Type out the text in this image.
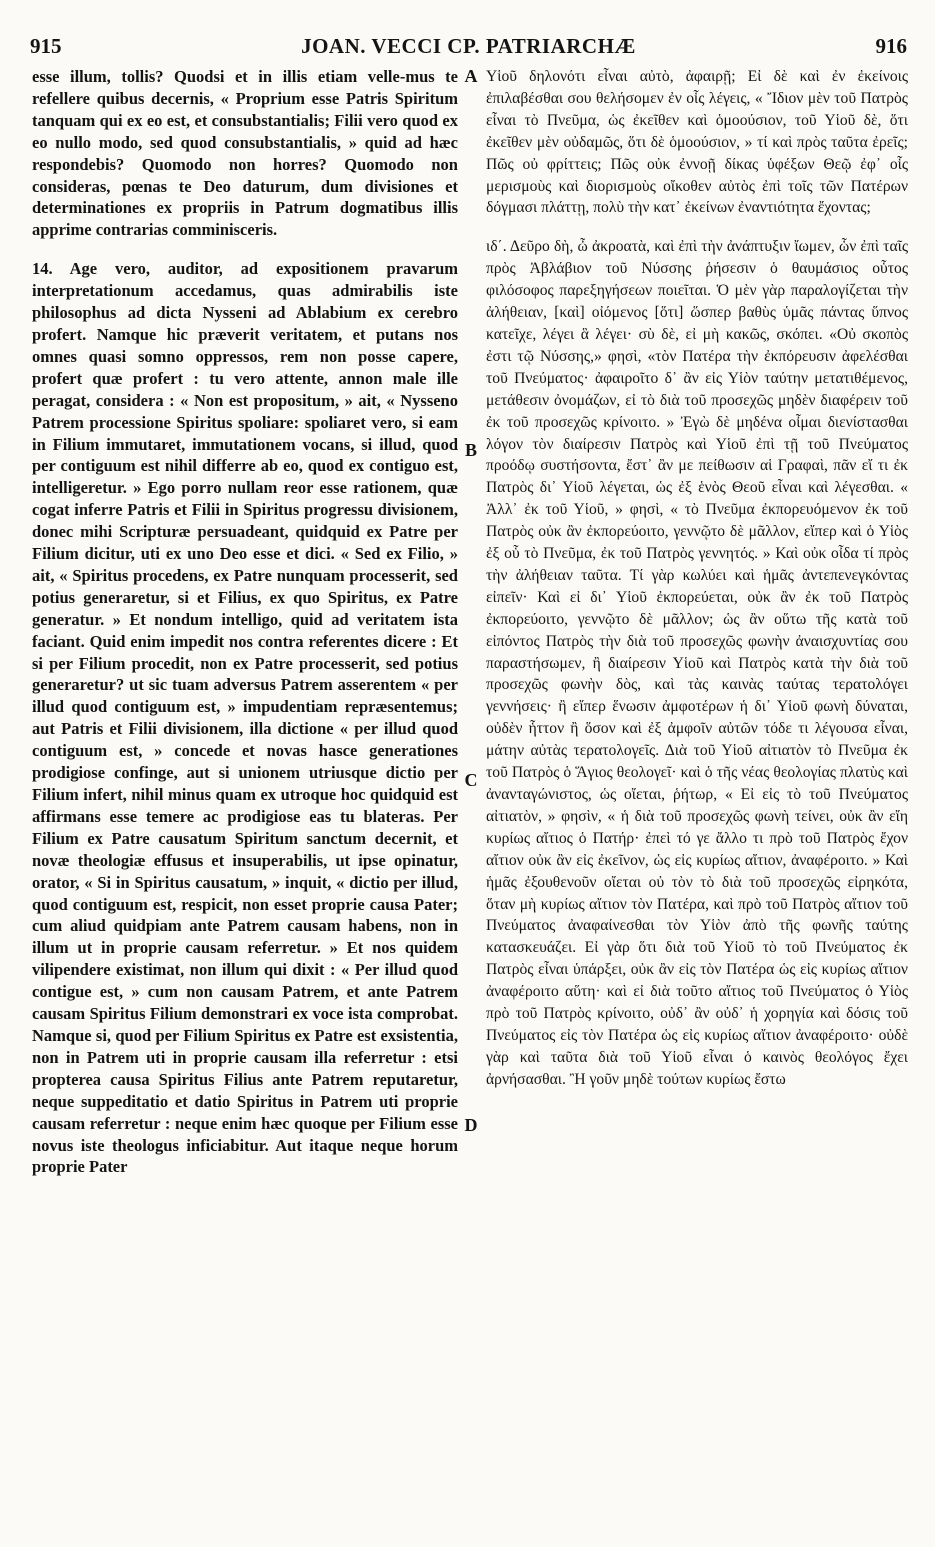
915	JOAN. VECCI CP. PATRIARCHÆ	916

esse illum, tollis? Quodsi et in illis etiam velle-mus te refellere quibus decernis, « Proprium esse Patris Spiritum tanquam qui ex eo est, et consubstantialis; Filii vero quod ex eo nullo modo, sed quod consubstantialis, » quid ad hæc respondebis? Quomodo non horres? Quomodo non consideras, pœnas te Deo daturum, dum divisiones et determinationes ex propriis in Patrum dogmatibus illis apprime contrarias comminisceris.

14. Age vero, auditor, ad expositionem pravarum interpretationum accedamus, quas admirabilis iste philosophus ad dicta Nysseni ad Ablabium ex cerebro profert. Namque hic præverit veritatem, et putans nos omnes quasi somno oppressos, rem non posse capere, profert quæ profert : tu vero attente, annon male ille peragat, considera : « Non est propositum, » ait, « Nysseno Patrem processione Spiritus spoliare: spoliaret vero, si eam in Filium immutaret, immutationem vocans, si illud, quod per contiguum est nihil differre ab eo, quod ex contiguo est, intelligeretur. » Ego porro nullam reor esse rationem, quæ cogat inferre Patris et Filii in Spiritus progressu divisionem, donec mihi Scripturæ persuadeant, quidquid ex Patre per Filium dicitur, uti ex uno Deo esse et dici. « Sed ex Filio, » ait, « Spiritus procedens, ex Patre nunquam processerit, sed potius generaretur, si et Filius, ex quo Spiritus, ex Patre generatur. » Et nondum intelligo, quid ad veritatem ista faciant. Quid enim impedit nos contra referentes dicere : Et si per Filium procedit, non ex Patre processerit, sed potius generaretur? ut sic tuam adversus Patrem asserentem « per illud quod contiguum est, » impudentiam repræsentemus; aut Patris et Filii divisionem, illa dictione « per illud quod contiguum est, » concede et novas hasce generationes prodigiose confinge, aut si unionem utriusque dictio per Filium infert, nihil minus quam ex utroque hoc quidquid est affirmans esse temere ac prodigiose eas tu blateras. Per Filium ex Patre causatum Spiritum sanctum decernit, et novæ theologiæ effusus et insuperabilis, ut ipse opinatur, orator, « Si in Spiritus causatum, » inquit, « dictio per illud, quod contiguum est, respicit, non esset proprie causa Pater; cum aliud quidpiam ante Patrem causam habens, non in illum ut in proprie causam referretur. » Et nos quidem vilipendere existimat, non illum qui dixit : « Per illud quod contigue est, » cum non causam Patrem, et ante Patrem causam Spiritus Filium demonstrari ex voce ista comprobat. Namque si, quod per Filium Spiritus ex Patre est exsistentia, non in Patrem uti in proprie causam illa referretur : etsi propterea causa Spiritus Filius ante Patrem reputaretur, neque suppeditatio et datio Spiritus in Patrem uti proprie causam referretur : neque enim hæc quoque per Filium esse novus iste theologus inficiabitur. Aut itaque neque horum proprie Pater

A
B
C
D

Υἱοῦ δηλονότι εἶναι αὐτὸ, ἀφαιρῇ; Εἰ δὲ καὶ ἐν ἐκείνοις ἐπιλαβέσθαι σου θελήσομεν ἐν οἷς λέγεις, « Ἴδιον μὲν τοῦ Πατρὸς εἶναι τὸ Πνεῦμα, ὡς ἐκεῖθεν καὶ ὁμοούσιον, τοῦ Υἱοῦ δὲ, ὅτι ἐκεῖθεν μὲν οὐδαμῶς, ὅτι δὲ ὁμοούσιον, » τί καὶ πρὸς ταῦτα ἐρεῖς; Πῶς οὐ φρίττεις; Πῶς οὐκ ἐννοῇ δίκας ὑφέξων Θεῷ ἐφ᾽ οἷς μερισμοὺς καὶ διορισμοὺς οἴκοθεν αὐτὸς ἐπὶ τοῖς τῶν Πατέρων δόγμασι πλάττῃ, πολὺ τὴν κατ᾽ ἐκείνων ἐναντιότητα ἔχοντας;

ιδ΄. Δεῦρο δὴ, ὦ ἀκροατὰ, καὶ ἐπὶ τὴν ἀνάπτυξιν ἴωμεν, ὧν ἐπὶ ταῖς πρὸς Ἀβλάβιον τοῦ Νύσσης ῥήσεσιν ὁ θαυμάσιος οὗτος φιλόσοφος παρεξηγήσεων ποιεῖται. Ὁ μὲν γὰρ παραλογίζεται τὴν ἀλήθειαν, [καὶ] οἰόμενος [ὅτι] ὥσπερ βαθὺς ὑμᾶς πάντας ὕπνος κατεῖχε, λέγει ἃ λέγει· σὺ δὲ, εἰ μὴ κακῶς, σκόπει. «Οὐ σκοπὸς ἐστι τῷ Νύσσης,» φησὶ, «τὸν Πατέρα τὴν ἐκπόρευσιν ἀφελέσθαι τοῦ Πνεύματος· ἀφαιροῖτο δ᾽ ἂν εἰς Υἱὸν ταύτην μετατιθέμενος, μετάθεσιν ὀνομάζων, εἰ τὸ διὰ τοῦ προσεχῶς μηδὲν διαφέρειν τοῦ ἐκ τοῦ προσεχῶς κρίνοιτο. » Ἐγὼ δὲ μηδένα οἶμαι διενίστασθαι λόγον τὸν διαίρεσιν Πατρὸς καὶ Υἱοῦ ἐπὶ τῇ τοῦ Πνεύματος προόδῳ συστήσοντα, ἔστ᾽ ἂν με πείθωσιν αἱ Γραφαὶ, πᾶν εἴ τι ἐκ Πατρὸς δι᾽ Υἱοῦ λέγεται, ὡς ἐξ ἑνὸς Θεοῦ εἶναι καὶ λέγεσθαι. « Ἀλλ᾽ ἐκ τοῦ Υἱοῦ, » φησὶ, « τὸ Πνεῦμα ἐκπορευόμενον ἐκ τοῦ Πατρὸς οὐκ ἂν ἐκπορεύοιτο, γεννῷτο δὲ μᾶλλον, εἴπερ καὶ ὁ Υἱὸς ἐξ οὗ τὸ Πνεῦμα, ἐκ τοῦ Πατρὸς γεννητός. » Καὶ οὐκ οἶδα τί πρὸς τὴν ἀλήθειαν ταῦτα. Τί γὰρ κωλύει καὶ ἡμᾶς ἀντεπενεγκόντας εἰπεῖν· Καὶ εἰ δι᾽ Υἱοῦ ἐκπορεύεται, οὐκ ἂν ἐκ τοῦ Πατρὸς ἐκπορεύοιτο, γεννῷτο δὲ μᾶλλον; ὡς ἂν οὕτω τῆς κατὰ τοῦ εἰπόντος Πατρὸς τὴν διὰ τοῦ προσεχῶς φωνὴν ἀναισχυντίας σου παραστήσωμεν, ἢ διαίρεσιν Υἱοῦ καὶ Πατρὸς κατὰ τὴν διὰ τοῦ προσεχῶς φωνὴν δὸς, καὶ τὰς καινὰς ταύτας τερατολόγει γεννήσεις· ἢ εἴπερ ἕνωσιν ἀμφοτέρων ἡ δι᾽ Υἱοῦ φωνὴ δύναται, οὐδὲν ἧττον ἢ ὅσον καὶ ἐξ ἀμφοῖν αὐτῶν τόδε τι λέγουσα εἶναι, μάτην αὐτὰς τερατολογεῖς. Διὰ τοῦ Υἱοῦ αἰτιατὸν τὸ Πνεῦμα ἐκ τοῦ Πατρὸς ὁ Ἅγιος θεολογεῖ· καὶ ὁ τῆς νέας θεολογίας πλατὺς καὶ ἀνανταγώνιστος, ὡς οἴεται, ῥήτωρ, « Εἰ εἰς τὸ τοῦ Πνεύματος αἰτιατὸν, » φησὶν, « ἡ διὰ τοῦ προσεχῶς φωνὴ τείνει, οὐκ ἂν εἴη κυρίως αἴτιος ὁ Πατήρ· ἐπεὶ τό γε ἄλλο τι πρὸ τοῦ Πατρὸς ἔχον αἴτιον οὐκ ἂν εἰς ἐκεῖνον, ὡς εἰς κυρίως αἴτιον, ἀναφέροιτο. » Καὶ ἡμᾶς ἐξουθενοῦν οἴεται οὐ τὸν τὸ διὰ τοῦ προσεχῶς εἰρηκότα, ὅταν μὴ κυρίως αἴτιον τὸν Πατέρα, καὶ πρὸ τοῦ Πατρὸς αἴτιον τοῦ Πνεύματος ἀναφαίνεσθαι τὸν Υἱὸν ἀπὸ τῆς φωνῆς ταύτης κατασκευάζει. Εἰ γὰρ ὅτι διὰ τοῦ Υἱοῦ τὸ τοῦ Πνεύματος ἐκ Πατρὸς εἶναι ὑπάρξει, οὐκ ἂν εἰς τὸν Πατέρα ὡς εἰς κυρίως αἴτιον ἀναφέροιτο αὕτη· καὶ εἰ διὰ τοῦτο αἴτιος τοῦ Πνεύματος ὁ Υἱὸς πρὸ τοῦ Πατρὸς κρίνοιτο, οὐδ᾽ ἂν οὐδ᾽ ἡ χορηγία καὶ δόσις τοῦ Πνεύματος εἰς τὸν Πατέρα ὡς εἰς κυρίως αἴτιον ἀναφέροιτο· οὐδὲ γὰρ καὶ ταῦτα διὰ τοῦ Υἱοῦ εἶναι ὁ καινὸς θεολόγος ἔχει ἀρνήσασθαι. Ἢ γοῦν μηδὲ τούτων κυρίως ἔστω
